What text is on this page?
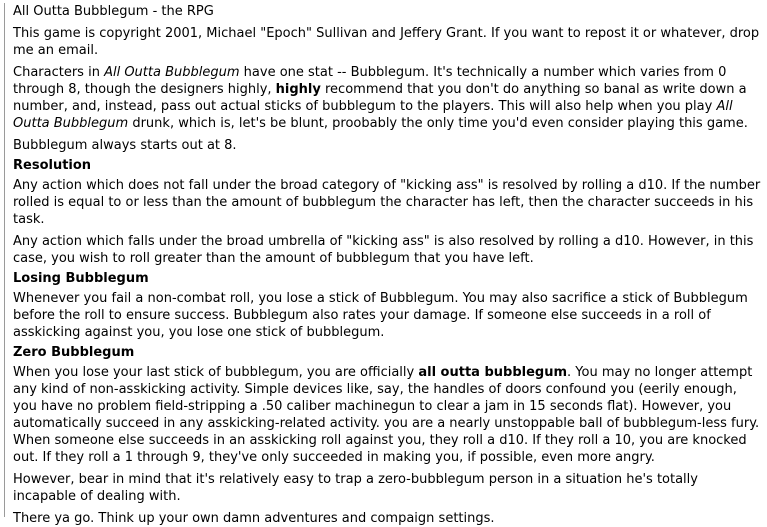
All Outta Bubblegum - the RPG
This game is copyright 2001, Michael "Epoch" Sullivan and Jeffery Grant. If you want to repost it or whatever, drop me an email.
Characters in All Outta Bubblegum have one stat -- Bubblegum. It's technically a number which varies from 0 through 8, though the designers highly, highly recommend that you don't do anything so banal as write down a number, and, instead, pass out actual sticks of bubblegum to the players. This will also help when you play All Outta Bubblegum drunk, which is, let's be blunt, proobably the only time you'd even consider playing this game.
Bubblegum always starts out at 8.
Resolution
Any action which does not fall under the broad category of "kicking ass" is resolved by rolling a d10. If the number rolled is equal to or less than the amount of bubblegum the character has left, then the character succeeds in his task.
Any action which falls under the broad umbrella of "kicking ass" is also resolved by rolling a d10. However, in this case, you wish to roll greater than the amount of bubblegum that you have left.
Losing Bubblegum
Whenever you fail a non-combat roll, you lose a stick of Bubblegum. You may also sacrifice a stick of Bubblegum before the roll to ensure success. Bubblegum also rates your damage. If someone else succeeds in a roll of asskicking against you, you lose one stick of bubblegum.
Zero Bubblegum
When you lose your last stick of bubblegum, you are officially all outta bubblegum. You may no longer attempt any kind of non-asskicking activity. Simple devices like, say, the handles of doors confound you (eerily enough, you have no problem field-stripping a .50 caliber machinegun to clear a jam in 15 seconds flat). However, you automatically succeed in any asskicking-related activity. you are a nearly unstoppable ball of bubblegum-less fury. When someone else succeeds in an asskicking roll against you, they roll a d10. If they roll a 10, you are knocked out. If they roll a 1 through 9, they've only succeeded in making you, if possible, even more angry.
However, bear in mind that it's relatively easy to trap a zero-bubblegum person in a situation he's totally incapable of dealing with.
There ya go. Think up your own damn adventures and compaign settings.
